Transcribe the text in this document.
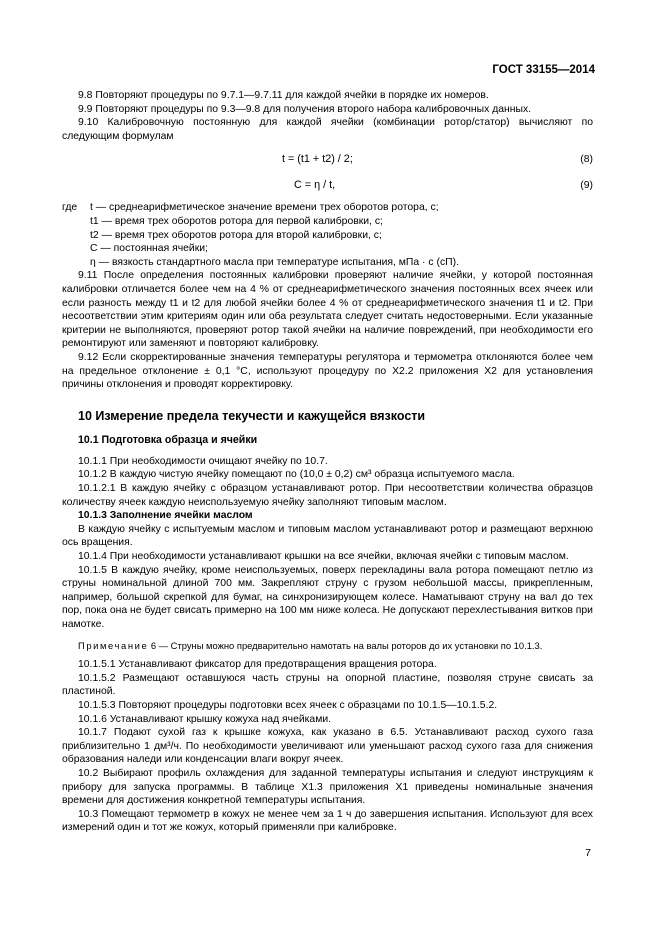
ГОСТ 33155—2014

9.8 Повторяют процедуры по 9.7.1—9.7.11 для каждой ячейки в порядке их номеров.

9.9 Повторяют процедуры по 9.3—9.8 для получения второго набора калибровочных данных.

9.10 Калибровочную постоянную для каждой ячейки (комбинации ротор/статор) вычисляют по следующим формулам

t = (t1 + t2) / 2;	(8)
C = η / t,	(9)

где t — среднеарифметическое значение времени трех оборотов ротора, с;

t1 — время трех оборотов ротора для первой калибровки, с;

t2 — время трех оборотов ротора для второй калибровки, с;

C — постоянная ячейки;

η — вязкость стандартного масла при температуре испытания, мПа · с (сП).

9.11 После определения постоянных калибровки проверяют наличие ячейки, у которой постоянная калибровки отличается более чем на 4 % от среднеарифметического значения постоянных всех ячеек или если разность между t1 и t2 для любой ячейки более 4 % от среднеарифметического значения t1 и t2. При несоответствии этим критериям один или оба результата следует считать недостоверными. Если указанные критерии не выполняются, проверяют ротор такой ячейки на наличие повреждений, при необходимости его ремонтируют или заменяют и повторяют калибровку.

9.12 Если скорректированные значения температуры регулятора и термометра отклоняются более чем на предельное отклонение ± 0,1 °С, используют процедуру по Х2.2 приложения Х2 для установления причины отклонения и проводят корректировку.

10 Измерение предела текучести и кажущейся вязкости
10.1 Подготовка образца и ячейки

10.1.1 При необходимости очищают ячейку по 10.7.

10.1.2 В каждую чистую ячейку помещают по (10,0 ± 0,2) см³ образца испытуемого масла.

10.1.2.1 В каждую ячейку с образцом устанавливают ротор. При несоответствии количества образцов количеству ячеек каждую неиспользуемую ячейку заполняют типовым маслом.

10.1.3 Заполнение ячейки маслом

В каждую ячейку с испытуемым маслом и типовым маслом устанавливают ротор и размещают верхнюю ось вращения.

10.1.4 При необходимости устанавливают крышки на все ячейки, включая ячейки с типовым маслом.

10.1.5 В каждую ячейку, кроме неиспользуемых, поверх перекладины вала ротора помещают петлю из струны номинальной длиной 700 мм. Закрепляют струну с грузом небольшой массы, прикрепленным, например, большой скрепкой для бумаг, на синхронизирующем колесе. Наматывают струну на вал до тех пор, пока она не будет свисать примерно на 100 мм ниже колеса. Не допускают перехлестывания витков при намотке.

Примечание 6 — Струны можно предварительно намотать на валы роторов до их установки по 10.1.3.

10.1.5.1 Устанавливают фиксатор для предотвращения вращения ротора.

10.1.5.2 Размещают оставшуюся часть струны на опорной пластине, позволяя струне свисать за пластиной.

10.1.5.3 Повторяют процедуры подготовки всех ячеек с образцами по 10.1.5—10.1.5.2.

10.1.6 Устанавливают крышку кожуха над ячейками.

10.1.7 Подают сухой газ к крышке кожуха, как указано в 6.5. Устанавливают расход сухого газа приблизительно 1 дм³/ч. По необходимости увеличивают или уменьшают расход сухого газа для снижения образования наледи или конденсации влаги вокруг ячеек.

10.2 Выбирают профиль охлаждения для заданной температуры испытания и следуют инструкциям к прибору для запуска программы. В таблице Х1.3 приложения Х1 приведены номинальные значения времени для достижения конкретной температуры испытания.

10.3 Помещают термометр в кожух не менее чем за 1 ч до завершения испытания. Используют для всех измерений один и тот же кожух, который применяли при калибровке.

7
